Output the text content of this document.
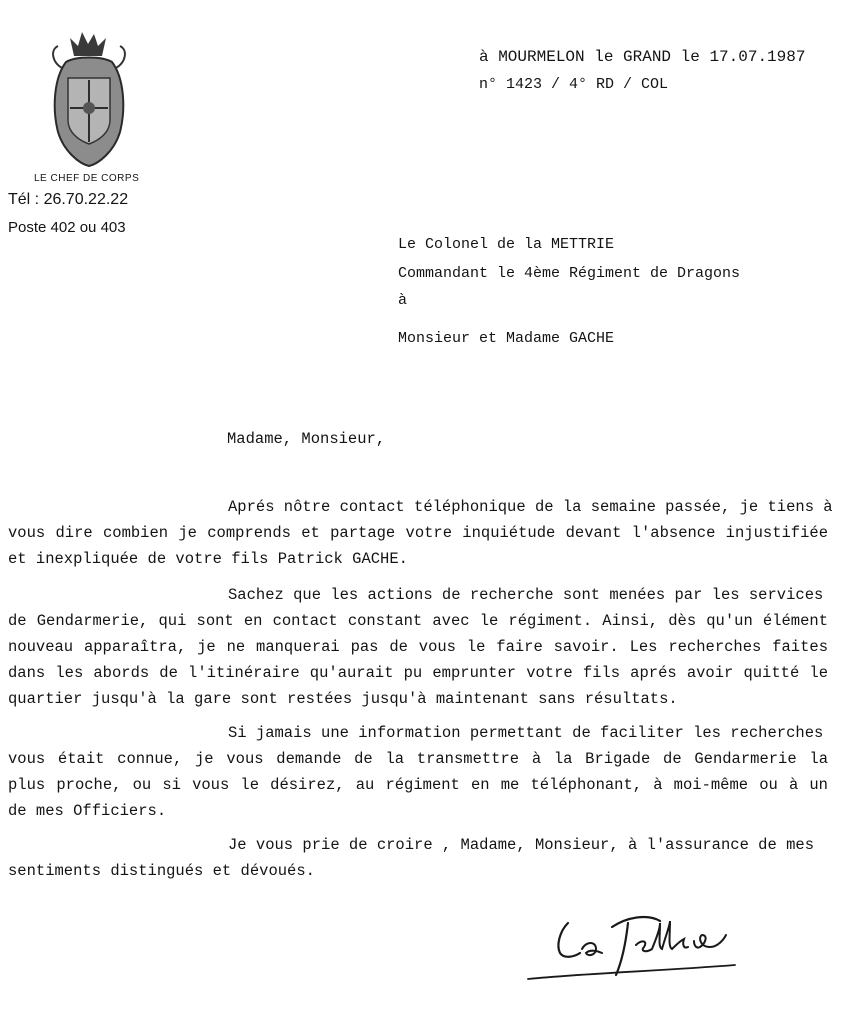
LE CHEF DE CORPS
Tél : 26.70.22.22
Poste 402 ou 403
à MOURMELON le GRAND le 17.07.1987
n° 1423 / 4° RD / COL
Le Colonel de la METTRIE
Commandant le 4ème Régiment de Dragons
à
Monsieur et Madame GACHE
Madame, Monsieur,
Aprés nôtre contact téléphonique de la semaine passée, je tiens à
vous dire combien je comprends et partage votre inquiétude devant l'absence injustifiée
et inexpliquée de votre fils Patrick GACHE.
Sachez que les actions de recherche sont menées par les services
de Gendarmerie, qui sont en contact constant avec le régiment. Ainsi, dès qu'un élément
nouveau apparaîtra, je ne manquerai pas de vous le faire savoir. Les recherches faites
dans les abords de l'itinéraire qu'aurait pu emprunter votre fils aprés avoir quitté le
quartier jusqu'à la gare sont restées jusqu'à maintenant sans résultats.
Si jamais une information permettant de faciliter les recherches
vous était connue, je vous demande de la transmettre à la Brigade de Gendarmerie la
plus proche, ou si vous le désirez, au régiment en me téléphonant, à moi-même ou à un
de mes Officiers.
Je vous prie de croire , Madame, Monsieur, à l'assurance de mes
sentiments distingués et dévoués.
